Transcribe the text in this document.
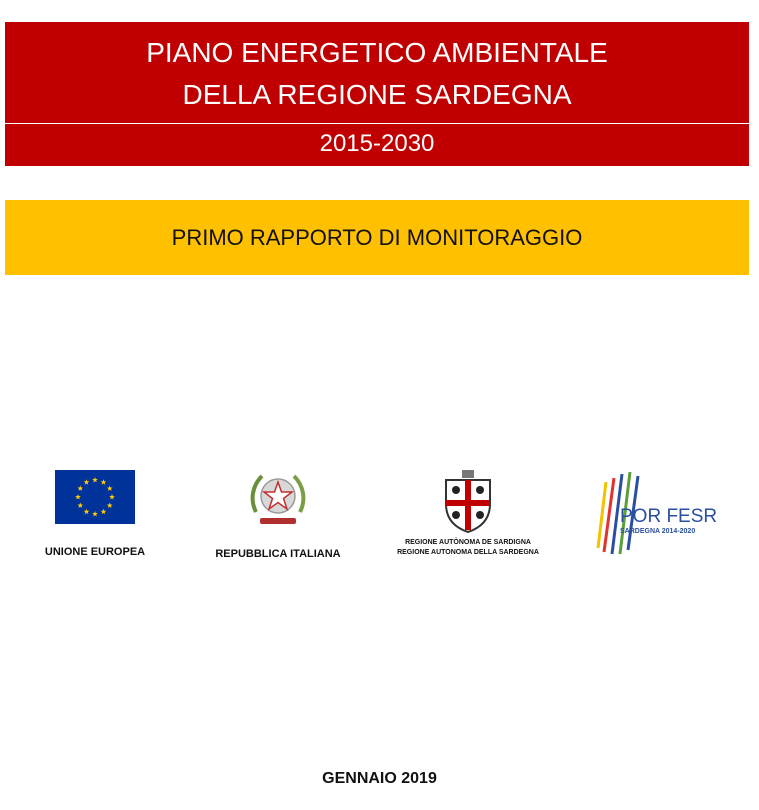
PIANO ENERGETICO AMBIENTALE
DELLA REGIONE SARDEGNA
2015-2030
PRIMO RAPPORTO DI MONITORAGGIO
UNIONE EUROPEA	REPUBBLICA ITALIANA
REGIONE AUTÒNOMA DE SARDIGNA
REGIONE AUTONOMA DELLA SARDEGNA
POR FESR
SARDEGNA 2014-2020
GENNAIO 2019
